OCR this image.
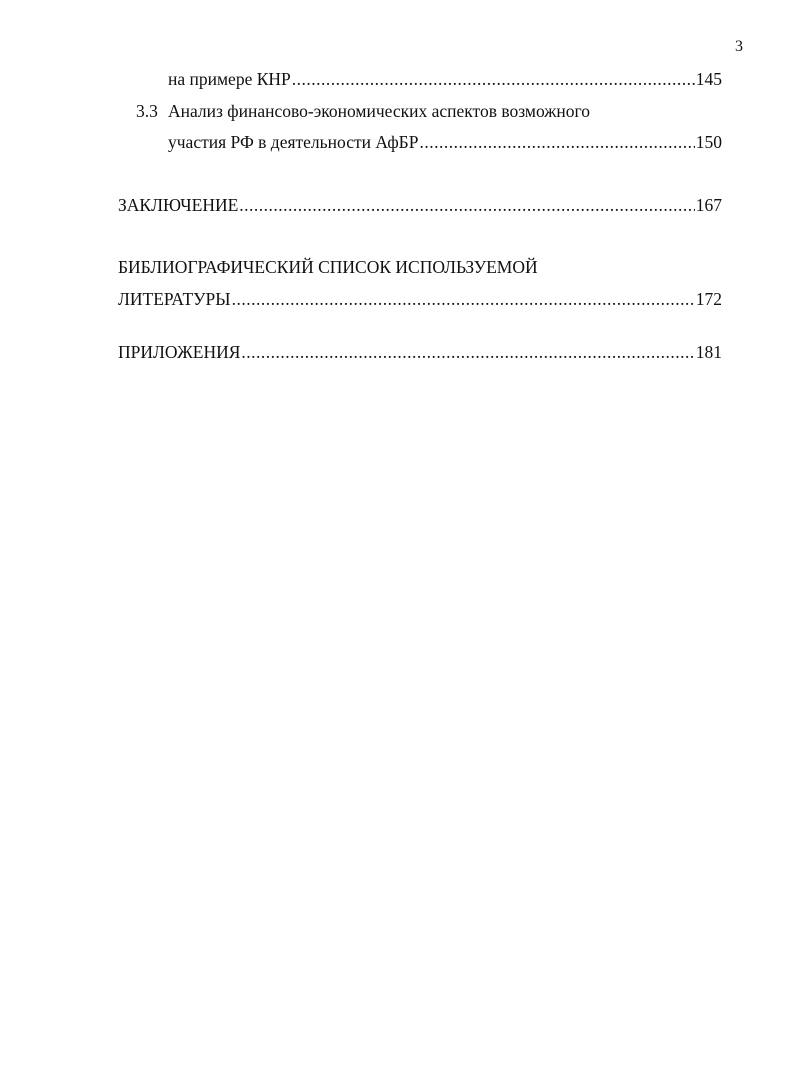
3
на примере КНР .....	145
3.3 Анализ финансово-экономических аспектов возможного
участия РФ в деятельности АфБР .....	150
ЗАКЛЮЧЕНИЕ .....	167
БИБЛИОГРАФИЧЕСКИЙ СПИСОК ИСПОЛЬЗУЕМОЙ
ЛИТЕРАТУРЫ .....	172
ПРИЛОЖЕНИЯ .....	181
